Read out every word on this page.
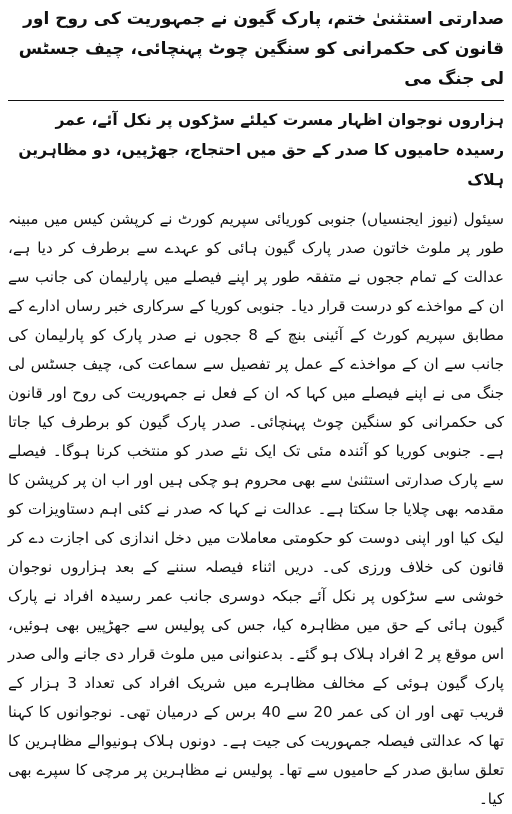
صدارتی استثنیٰ ختم، پارک گیون نے جمہوریت کی روح اور قانون کی حکمرانی کو سنگین چوٹ پہنچائی، چیف جسٹس لی جنگ می
ہزاروں نوجوان اظہار مسرت کیلئے سڑکوں پر نکل آئے، عمر رسیدہ حامیوں کا صدر کے حق میں احتجاج، جھڑپیں، دو مظاہرین ہلاک

سیئول (نیوز ایجنسیاں) جنوبی کوریائی سپریم کورٹ نے کرپشن کیس میں مبینہ طور پر ملوث خاتون صدر پارک گیون ہائی کو عہدے سے برطرف کر دیا ہے، عدالت کے تمام ججوں نے متفقہ طور پر اپنے فیصلے میں پارلیمان کی جانب سے ان کے مواخذے کو درست قرار دیا۔ جنوبی کوریا کے سرکاری خبر رساں ادارے کے مطابق سپریم کورٹ کے آئینی بنچ کے 8 ججوں نے صدر پارک کو پارلیمان کی جانب سے ان کے مواخذے کے عمل پر تفصیل سے سماعت کی، چیف جسٹس لی جنگ می نے اپنے فیصلے میں کہا کہ ان کے فعل نے جمہوریت کی روح اور قانون کی حکمرانی کو سنگین چوٹ پہنچائی۔ صدر پارک گیون کو برطرف کیا جاتا ہے۔ جنوبی کوریا کو آئندہ مئی تک ایک نئے صدر کو منتخب کرنا ہوگا۔ فیصلے سے پارک صدارتی استثنیٰ سے بھی محروم ہو چکی ہیں اور اب ان پر کرپشن کا مقدمہ بھی چلایا جا سکتا ہے۔ عدالت نے کہا کہ صدر نے کئی اہم دستاویزات کو لیک کیا اور اپنی دوست کو حکومتی معاملات میں دخل اندازی کی اجازت دے کر قانون کی خلاف ورزی کی۔ دریں اثناء فیصلہ سننے کے بعد ہزاروں نوجوان خوشی سے سڑکوں پر نکل آئے جبکہ دوسری جانب عمر رسیدہ افراد نے پارک گیون ہائی کے حق میں مظاہرہ کیا، جس کی پولیس سے جھڑپیں بھی ہوئیں، اس موقع پر 2 افراد ہلاک ہو گئے۔ بدعنوانی میں ملوث قرار دی جانے والی صدر پارک گیون ہوئی کے مخالف مظاہرے میں شریک افراد کی تعداد 3 ہزار کے قریب تھی اور ان کی عمر 20 سے 40 برس کے درمیان تھی۔ نوجوانوں کا کہنا تھا کہ عدالتی فیصلہ جمہوریت کی جیت ہے۔ دونوں ہلاک ہونیوالے مظاہرین کا تعلق سابق صدر کے حامیوں سے تھا۔ پولیس نے مظاہرین پر مرچی کا سپرے بھی کیا۔
